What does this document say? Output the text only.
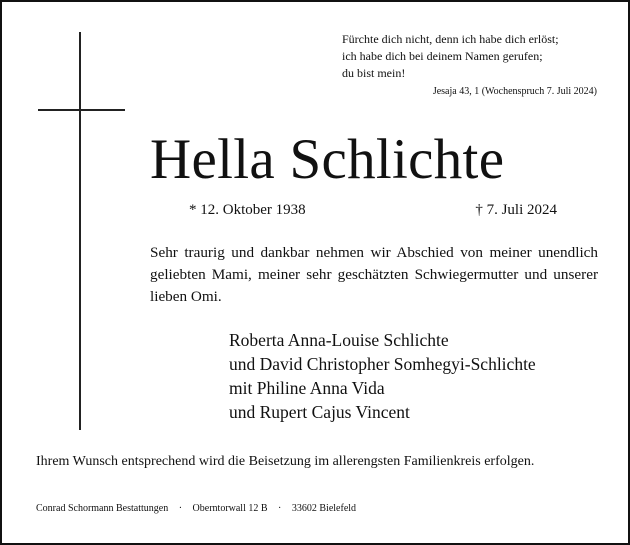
Fürchte dich nicht, denn ich habe dich erlöst;
ich habe dich bei deinem Namen gerufen;
du bist mein!
Jesaja 43, 1 (Wochenspruch 7. Juli 2024)
Hella Schlichte
* 12. Oktober 1938	† 7. Juli 2024
Sehr traurig und dankbar nehmen wir Abschied von meiner unendlich geliebten Mami, meiner sehr geschätzten Schwiegermutter und unserer lieben Omi.
Roberta Anna-Louise Schlichte
und David Christopher Somhegyi-Schlichte
mit Philine Anna Vida
und Rupert Cajus Vincent
Ihrem Wunsch entsprechend wird die Beisetzung im allerengsten Familienkreis erfolgen.
Conrad Schormann Bestattungen · Oberntorwall 12 B · 33602 Bielefeld
